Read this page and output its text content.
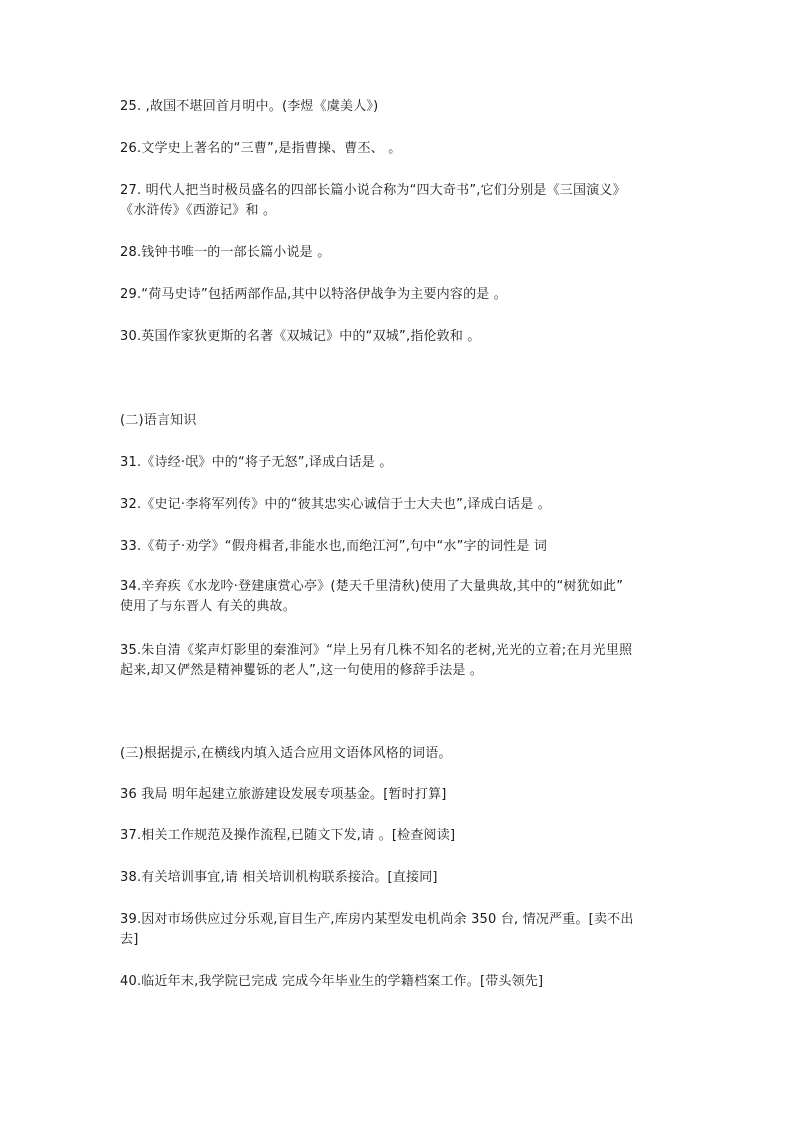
25. ,故国不堪回首月明中。(李煜《虞美人》)
26.文学史上著名的“三曹”,是指曹操、曹丕、 。
27. 明代人把当时极员盛名的四部长篇小说合称为“四大奇书”,它们分别是《三国演义》
《水浒传》《西游记》和 。
28.钱钟书唯一的一部长篇小说是 。
29.“荷马史诗”包括两部作品,其中以特洛伊战争为主要内容的是 。
30.英国作家狄更斯的名著《双城记》中的“双城”,指伦敦和 。
(二)语言知识
31.《诗经·氓》中的“将子无怒”,译成白话是 。
32.《史记·李将军列传》中的“彼其忠实心诚信于士大夫也”,译成白话是 。
33.《荀子·劝学》“假舟楫者,非能水也,而绝江河”,句中“水”字的词性是 词
34.辛弃疾《水龙吟·登建康赏心亭》(楚天千里清秋)使用了大量典故,其中的“树犹如此”
使用了与东晋人 有关的典故。
35.朱自清《桨声灯影里的秦淮河》“岸上另有几株不知名的老树,光光的立着;在月光里照
起来,却又俨然是精神矍铄的老人”,这一句使用的修辞手法是 。
(三)根据提示,在横线内填入适合应用文语体风格的词语。
36 我局 明年起建立旅游建设发展专项基金。[暂时打算]
37.相关工作规范及操作流程,已随文下发,请 。[检查阅读]
38.有关培训事宜,请 相关培训机构联系接洽。[直接同]
39.因对市场供应过分乐观,盲目生产,库房内某型发电机尚余 350 台, 情况严重。[卖不出
去]
40.临近年末,我学院已完成 完成今年毕业生的学籍档案工作。[带头领先]
